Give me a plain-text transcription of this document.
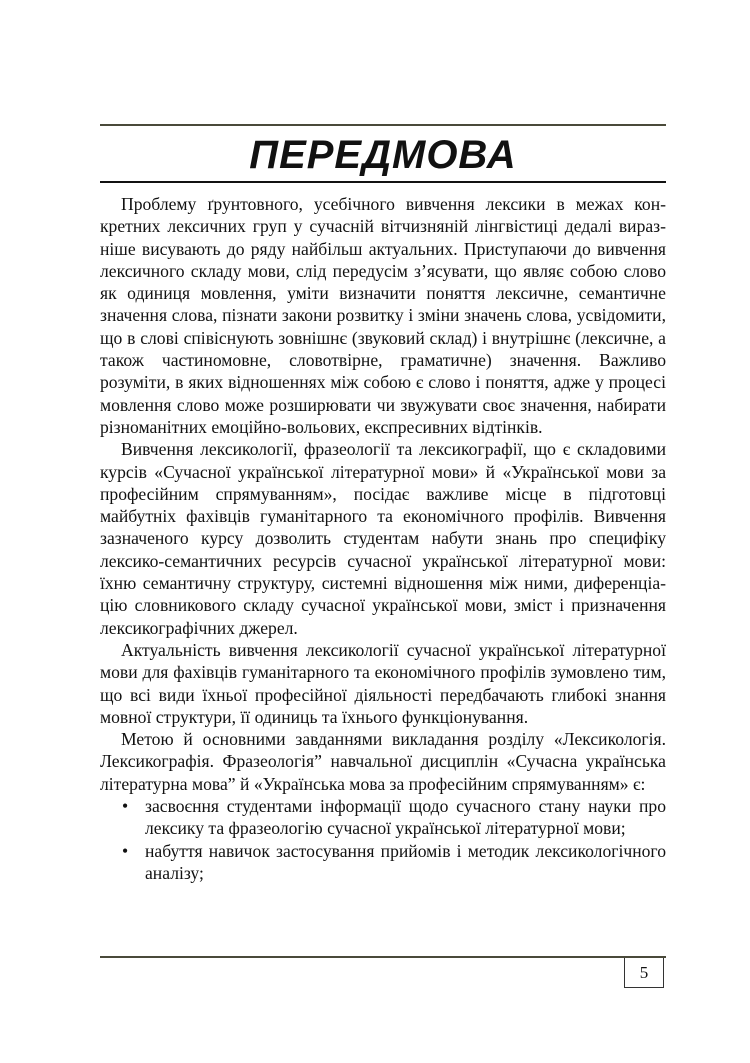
ПЕРЕДМОВА

Проблему ґрунтовного, усебічного вивчення лексики в межах конкретних лексичних груп у сучасній вітчизняній лінгвістиці дедалі виразніше висувають до ряду найбільш актуальних. Приступаючи до вивчення лексичного складу мови, слід передусім з’ясувати, що являє собою слово як одиниця мовлення, уміти визначити поняття лексичне, семантичне значення слова, пізнати закони розвитку і зміни значень слова, усвідомити, що в слові співіснують зовнішнє (звуковий склад) і внутрішнє (лексичне, а також частиномовне, словотвірне, граматичне) значення. Важливо розуміти, в яких відношеннях між собою є слово і поняття, адже у процесі мовлення слово може розширювати чи звужувати своє значення, набирати різноманітних емоційно-вольових, експресивних відтінків.

Вивчення лексикології, фразеології та лексикографії, що є складовими курсів «Сучасної української літературної мови» й «Української мови за професійним спрямуванням», посідає важливе місце в підготовці майбутніх фахівців гуманітарного та економічного профілів. Вивчення зазначеного курсу дозволить студентам набути знань про специфіку лексико-семантичних ресурсів сучасної української літературної мови: їхню семантичну структуру, системні відношення між ними, диференціацію словникового складу сучасної української мови, зміст і призначення лексикографічних джерел.

Актуальність вивчення лексикології сучасної української літературної мови для фахівців гуманітарного та економічного профілів зумовлено тим, що всі види їхньої професійної діяльності передбачають глибокі знання мовної структури, її одиниць та їхнього функціонування.

Метою й основними завданнями викладання розділу «Лексикологія. Лексикографія. Фразеологія” навчальної дисциплін «Сучасна українська літературна мова” й «Українська мова за професійним спрямуванням» є:

• засвоєння студентами інформації щодо сучасного стану науки про лексику та фразеологію сучасної української літературної мови;
• набуття навичок застосування прийомів і методик лексикологічного аналізу;
5
